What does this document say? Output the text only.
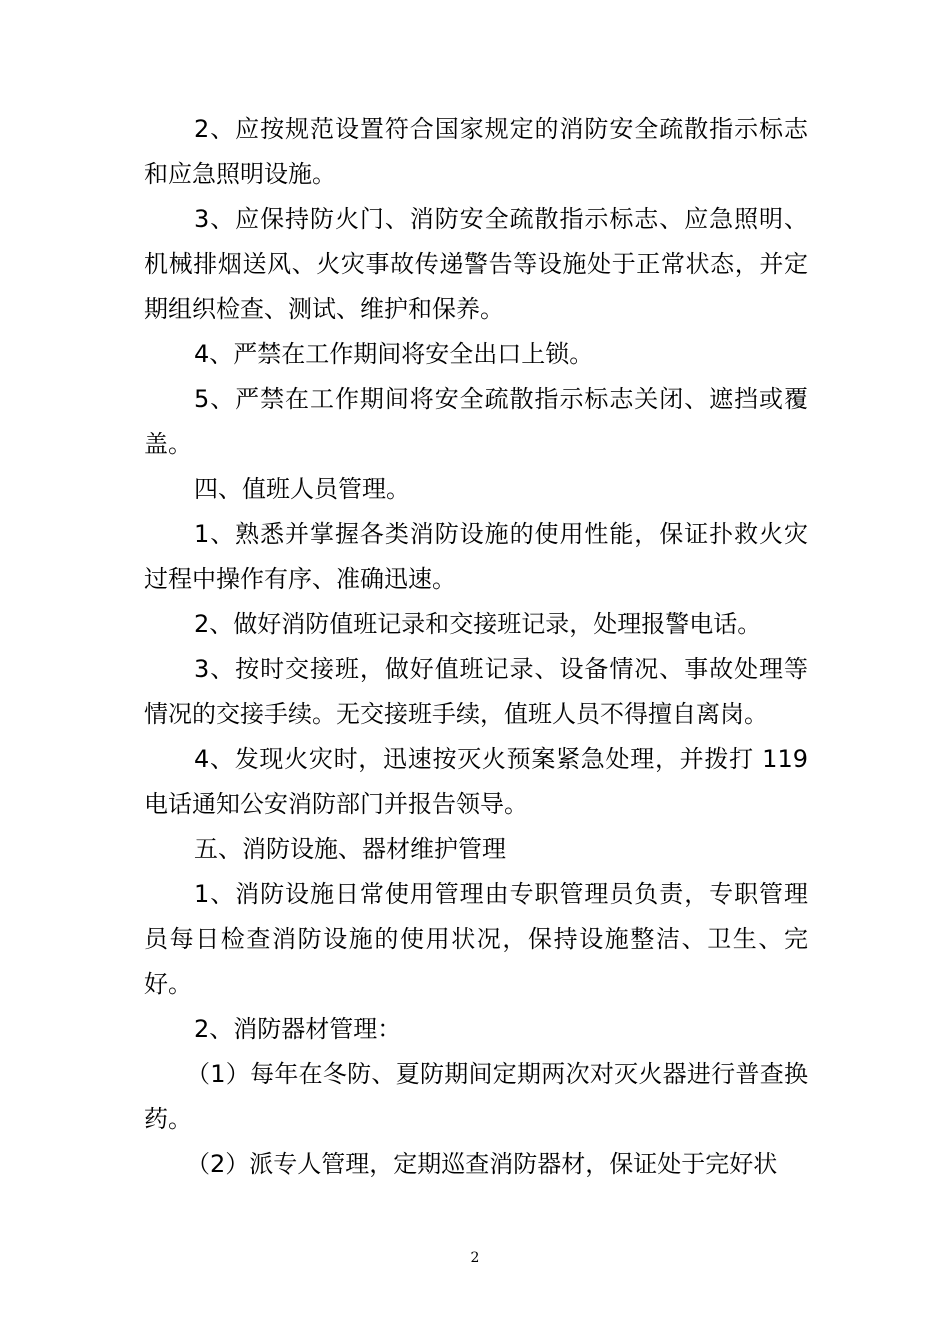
2、应按规范设置符合国家规定的消防安全疏散指示标志和应急照明设施。

3、应保持防火门、消防安全疏散指示标志、应急照明、机械排烟送风、火灾事故传递警告等设施处于正常状态，并定期组织检查、测试、维护和保养。

4、严禁在工作期间将安全出口上锁。

5、严禁在工作期间将安全疏散指示标志关闭、遮挡或覆盖。

四、值班人员管理。

1、熟悉并掌握各类消防设施的使用性能，保证扑救火灾过程中操作有序、准确迅速。

2、做好消防值班记录和交接班记录，处理报警电话。

3、按时交接班，做好值班记录、设备情况、事故处理等情况的交接手续。无交接班手续，值班人员不得擅自离岗。

4、发现火灾时，迅速按灭火预案紧急处理，并拨打 119 电话通知公安消防部门并报告领导。

五、消防设施、器材维护管理

1、消防设施日常使用管理由专职管理员负责，专职管理员每日检查消防设施的使用状况，保持设施整洁、卫生、完好。

2、消防器材管理：

（1）每年在冬防、夏防期间定期两次对灭火器进行普查换药。

（2）派专人管理，定期巡查消防器材，保证处于完好状

2
